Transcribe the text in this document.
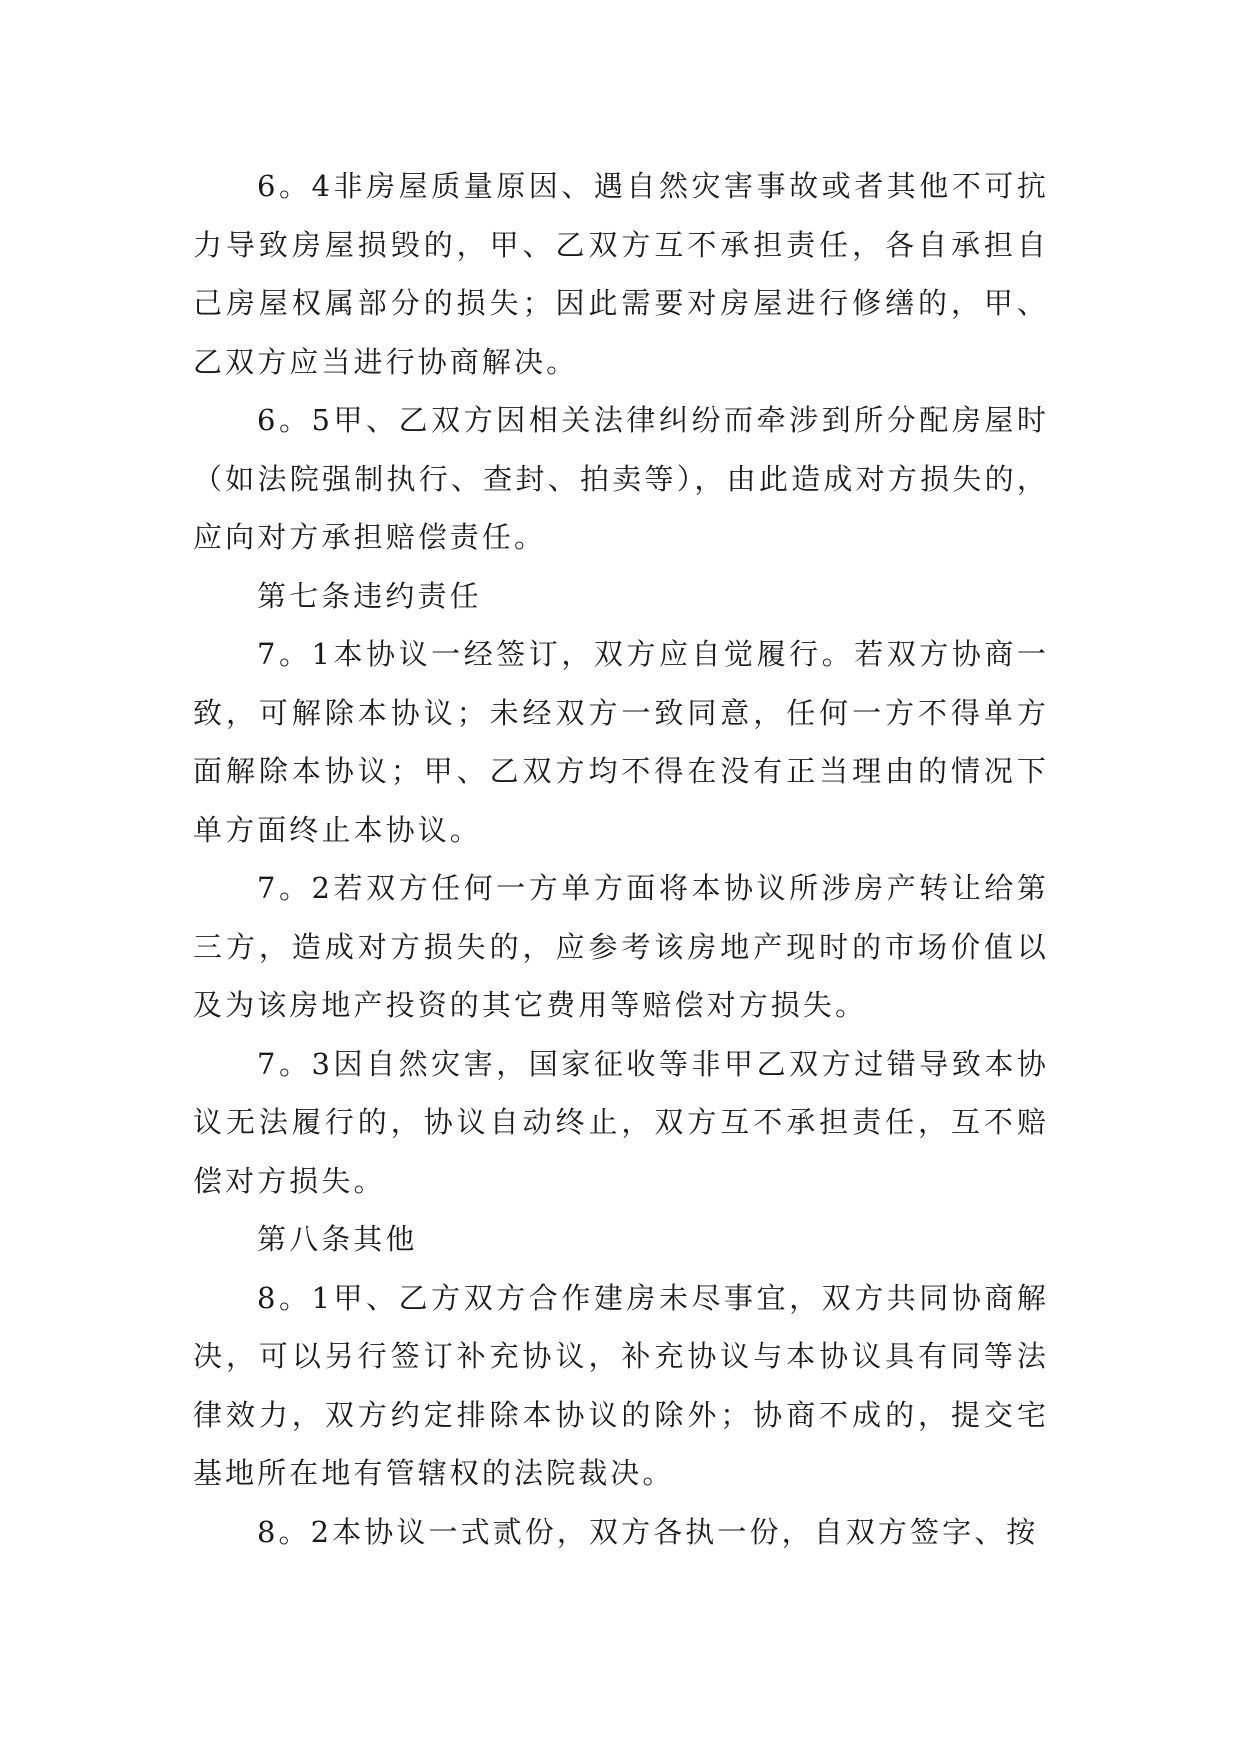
6。4非房屋质量原因、遇自然灾害事故或者其他不可抗力导致房屋损毁的，甲、乙双方互不承担责任，各自承担自己房屋权属部分的损失；因此需要对房屋进行修缮的，甲、乙双方应当进行协商解决。

6。5甲、乙双方因相关法律纠纷而牵涉到所分配房屋时（如法院强制执行、查封、拍卖等），由此造成对方损失的，应向对方承担赔偿责任。

第七条违约责任

7。1本协议一经签订，双方应自觉履行。若双方协商一致，可解除本协议；未经双方一致同意，任何一方不得单方面解除本协议；甲、乙双方均不得在没有正当理由的情况下单方面终止本协议。

7。2若双方任何一方单方面将本协议所涉房产转让给第三方，造成对方损失的，应参考该房地产现时的市场价值以及为该房地产投资的其它费用等赔偿对方损失。

7。3因自然灾害，国家征收等非甲乙双方过错导致本协议无法履行的，协议自动终止，双方互不承担责任，互不赔偿对方损失。

第八条其他

8。1甲、乙方双方合作建房未尽事宜，双方共同协商解决，可以另行签订补充协议，补充协议与本协议具有同等法律效力，双方约定排除本协议的除外；协商不成的，提交宅基地所在地有管辖权的法院裁决。

8。2本协议一式贰份，双方各执一份，自双方签字、按
